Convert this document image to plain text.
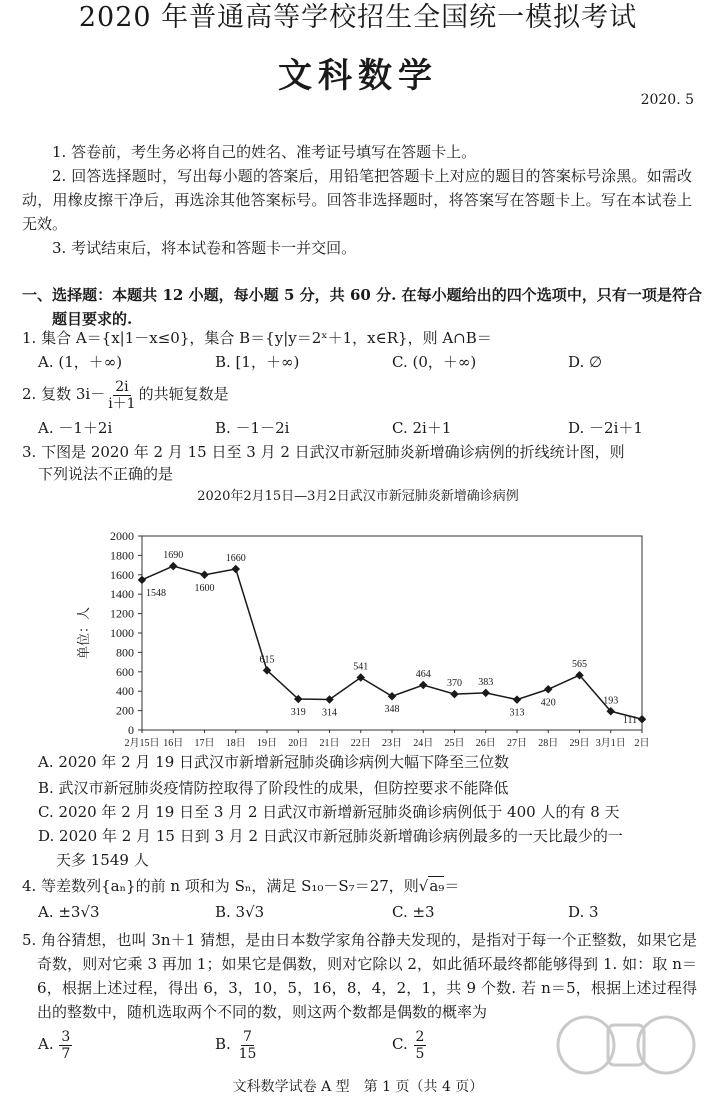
2020 年普通高等学校招生全国统一模拟考试
文科数学
2020. 5
1. 答卷前，考生务必将自己的姓名、准考证号填写在答题卡上。
2. 回答选择题时，写出每小题的答案后，用铅笔把答题卡上对应的题目的答案标号涂黑。如需改动，用橡皮擦干净后，再选涂其他答案标号。回答非选择题时，将答案写在答题卡上。写在本试卷上无效。
3. 考试结束后，将本试卷和答题卡一并交回。
一、选择题：本题共 12 小题，每小题 5 分，共 60 分. 在每小题给出的四个选项中，只有一项是符合题目要求的.
1. 集合 A＝{x|1－x≤0}，集合 B＝{y|y＝2ˣ＋1，x∈R}，则 A∩B＝
A. (1，＋∞)	B. [1，＋∞)	C. (0，＋∞)	D. ∅
2. 复数 $3i- \frac{2i}{i+1}$ 的共轭复数是
A. －1＋2i	B. －1－2i	C. 2i＋1	D. －2i＋1
3. 下图是 2020 年 2 月 15 日至 3 月 2 日武汉市新冠肺炎新增确诊病例的折线统计图，则
下列说法不正确的是
2020年2月15日—3月2日武汉市新冠肺炎新增确诊病例
0
200
400
600
800
1000
1200
1400
1600
1800
2000
单位：人
2月15日 16日 17日 18日 19日 20日 21日 22日 23日 24日 25日 26日 27日 28日 29日 3月1日 2日
1548
1690
1600
1660
615
319 314
541
348
464
370 383
313
420
565
193
111
A. 2020 年 2 月 19 日武汉市新增新冠肺炎确诊病例大幅下降至三位数
B. 武汉市新冠肺炎疫情防控取得了阶段性的成果，但防控要求不能降低
C. 2020 年 2 月 19 日至 3 月 2 日武汉市新增新冠肺炎确诊病例低于 400 人的有 8 天
D. 2020 年 2 月 15 日到 3 月 2 日武汉市新冠肺炎新增确诊病例最多的一天比最少的一
天多 1549 人
4. 等差数列{aₙ}的前 n 项和为 Sₙ，满足 S₁₀－S₇＝27，则√a₉＝
A. ±3√3	B. 3√3	C. ±3	D. 3
5. 角谷猜想，也叫 3n＋1 猜想，是由日本数学家角谷静夫发现的，是指对于每一个正整数，如果它是奇数，则对它乘 3 再加 1；如果它是偶数，则对它除以 2，如此循环最终都能够得到 1. 如：取 n＝6，根据上述过程，得出 6，3，10，5，16，8，4，2，1，共 9 个数. 若 n＝5，根据上述过程得出的整数中，随机选取两个不同的数，则这两个数都是偶数的概率为
A. $\frac{3}{7}$	B. $\frac{7}{15}$	C. $\frac{2}{5}$
文科数学试卷 A 型　第 1 页（共 4 页）
